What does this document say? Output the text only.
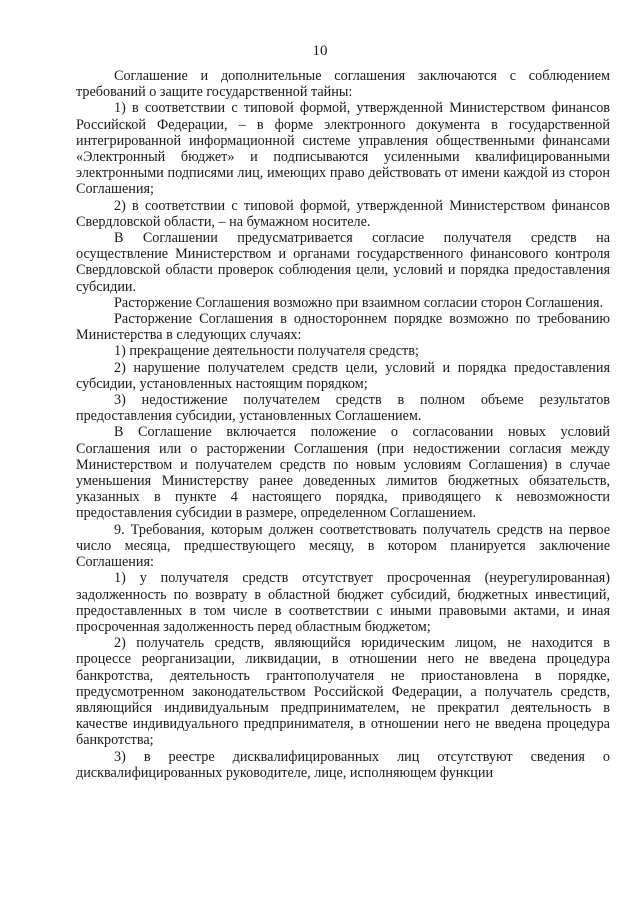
10

Соглашение и дополнительные соглашения заключаются с соблюдением требований о защите государственной тайны:

1) в соответствии с типовой формой, утвержденной Министерством финансов Российской Федерации, – в форме электронного документа в государственной интегрированной информационной системе управления общественными финансами «Электронный бюджет» и подписываются усиленными квалифицированными электронными подписями лиц, имеющих право действовать от имени каждой из сторон Соглашения;

2) в соответствии с типовой формой, утвержденной Министерством финансов Свердловской области, – на бумажном носителе.

В Соглашении предусматривается согласие получателя средств на осуществление Министерством и органами государственного финансового контроля Свердловской области проверок соблюдения цели, условий и порядка предоставления субсидии.

Расторжение Соглашения возможно при взаимном согласии сторон Соглашения.

Расторжение Соглашения в одностороннем порядке возможно по требованию Министерства в следующих случаях:

1) прекращение деятельности получателя средств;

2) нарушение получателем средств цели, условий и порядка предоставления субсидии, установленных настоящим порядком;

3) недостижение получателем средств в полном объеме результатов предоставления субсидии, установленных Соглашением.

В Соглашение включается положение о согласовании новых условий Соглашения или о расторжении Соглашения (при недостижении согласия между Министерством и получателем средств по новым условиям Соглашения) в случае уменьшения Министерству ранее доведенных лимитов бюджетных обязательств, указанных в пункте 4 настоящего порядка, приводящего к невозможности предоставления субсидии в размере, определенном Соглашением.

9. Требования, которым должен соответствовать получатель средств на первое число месяца, предшествующего месяцу, в котором планируется заключение Соглашения:

1) у получателя средств отсутствует просроченная (неурегулированная) задолженность по возврату в областной бюджет субсидий, бюджетных инвестиций, предоставленных в том числе в соответствии с иными правовыми актами, и иная просроченная задолженность перед областным бюджетом;

2) получатель средств, являющийся юридическим лицом, не находится в процессе реорганизации, ликвидации, в отношении него не введена процедура банкротства, деятельность грантополучателя не приостановлена в порядке, предусмотренном законодательством Российской Федерации, а получатель средств, являющийся индивидуальным предпринимателем, не прекратил деятельность в качестве индивидуального предпринимателя, в отношении него не введена процедура банкротства;

3) в реестре дисквалифицированных лиц отсутствуют сведения о дисквалифицированных руководителе, лице, исполняющем функции
